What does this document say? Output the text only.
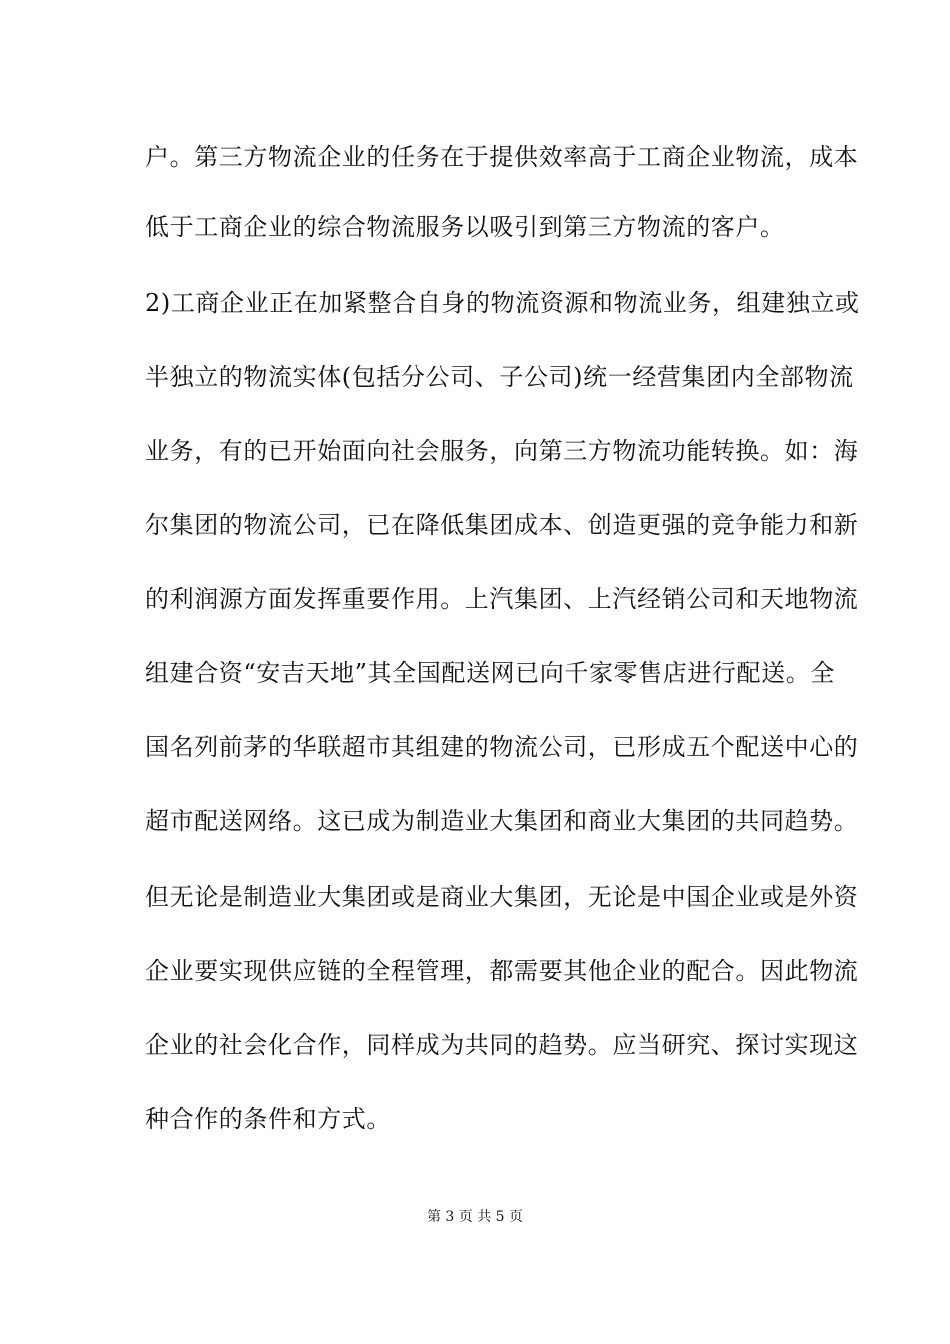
户。第三方物流企业的任务在于提供效率高于工商企业物流，成本
低于工商企业的综合物流服务以吸引到第三方物流的客户。
2)工商企业正在加紧整合自身的物流资源和物流业务，组建独立或
半独立的物流实体(包括分公司、子公司)统一经营集团内全部物流
业务，有的已开始面向社会服务，向第三方物流功能转换。如：海
尔集团的物流公司，已在降低集团成本、创造更强的竞争能力和新
的利润源方面发挥重要作用。上汽集团、上汽经销公司和天地物流
组建合资“安吉天地”其全国配送网已向千家零售店进行配送。全
国名列前茅的华联超市其组建的物流公司，已形成五个配送中心的
超市配送网络。这已成为制造业大集团和商业大集团的共同趋势。
但无论是制造业大集团或是商业大集团，无论是中国企业或是外资
企业要实现供应链的全程管理，都需要其他企业的配合。因此物流
企业的社会化合作，同样成为共同的趋势。应当研究、探讨实现这
种合作的条件和方式。
第 3 页 共 5 页
